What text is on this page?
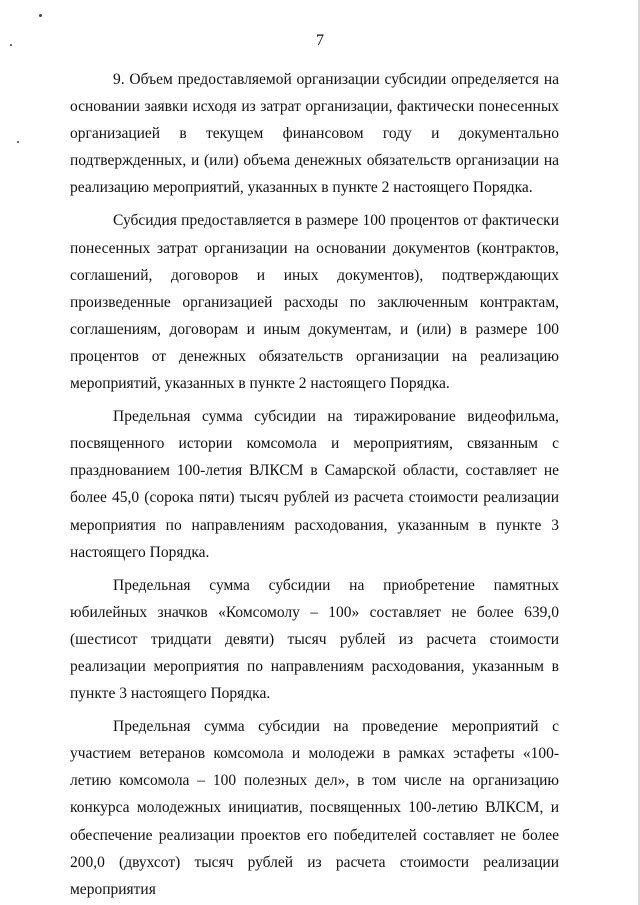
7

9. Объем предоставляемой организации субсидии определяется на основании заявки исходя из затрат организации, фактически понесенных организацией в текущем финансовом году и документально подтвержденных, и (или) объема денежных обязательств организации на реализацию мероприятий, указанных в пункте 2 настоящего Порядка.

Субсидия предоставляется в размере 100 процентов от фактически понесенных затрат организации на основании документов (контрактов, соглашений, договоров и иных документов), подтверждающих произведенные организацией расходы по заключенным контрактам, соглашениям, договорам и иным документам, и (или) в размере 100 процентов от денежных обязательств организации на реализацию мероприятий, указанных в пункте 2 настоящего Порядка.

Предельная сумма субсидии на тиражирование видеофильма, посвященного истории комсомола и мероприятиям, связанным с празднованием 100-летия ВЛКСМ в Самарской области, составляет не более 45,0 (сорока пяти) тысяч рублей из расчета стоимости реализации мероприятия по направлениям расходования, указанным в пункте 3 настоящего Порядка.

Предельная сумма субсидии на приобретение памятных юбилейных значков «Комсомолу – 100» составляет не более 639,0 (шестисот тридцати девяти) тысяч рублей из расчета стоимости реализации мероприятия по направлениям расходования, указанным в пункте 3 настоящего Порядка.

Предельная сумма субсидии на проведение мероприятий с участием ветеранов комсомола и молодежи в рамках эстафеты «100-летию комсомола – 100 полезных дел», в том числе на организацию конкурса молодежных инициатив, посвященных 100-летию ВЛКСМ, и обеспечение реализации проектов его победителей составляет не более 200,0 (двухсот) тысяч рублей из расчета стоимости реализации мероприятия
